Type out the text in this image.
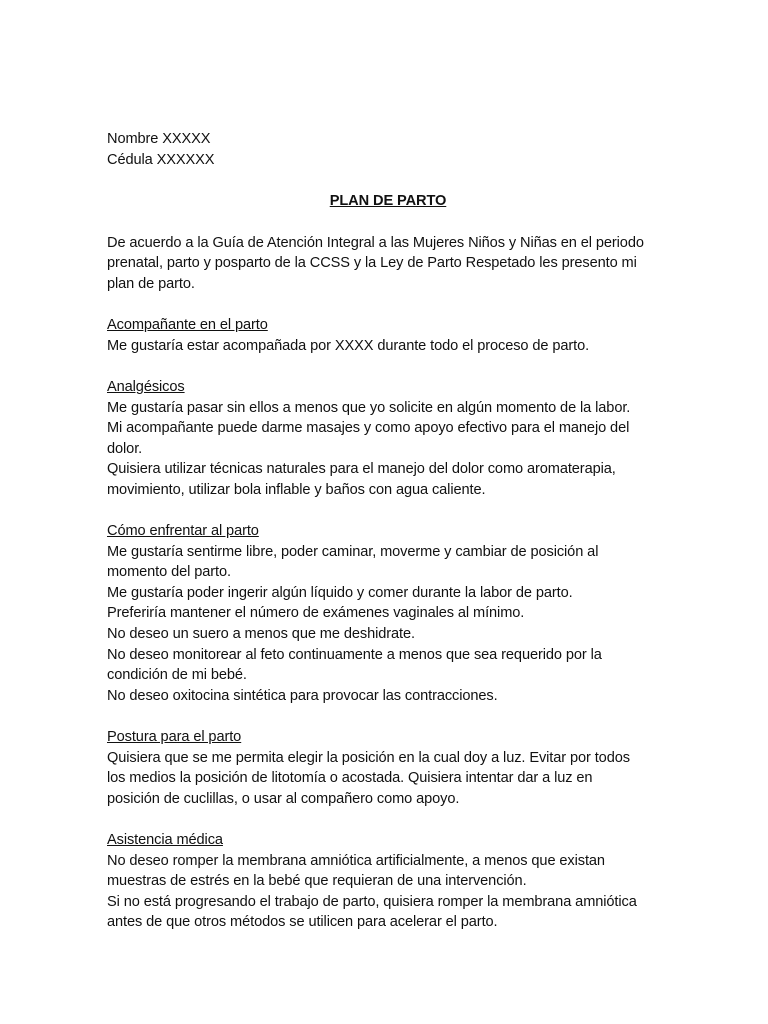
Nombre XXXXX
Cédula XXXXXX
PLAN DE PARTO
De acuerdo a la Guía de Atención Integral a las Mujeres Niños y Niñas en el periodo
prenatal, parto y posparto de la CCSS y la Ley de Parto Respetado les presento mi
plan de parto.
Acompañante en el parto
Me gustaría estar acompañada por XXXX durante todo el proceso de parto.
Analgésicos
Me gustaría pasar sin ellos a menos que yo solicite en algún momento de la labor.
Mi acompañante puede darme masajes y como apoyo efectivo para el manejo del
dolor.
Quisiera utilizar técnicas naturales para el manejo del dolor como aromaterapia,
movimiento, utilizar bola inflable y baños con agua caliente.
Cómo enfrentar al parto
Me gustaría sentirme libre, poder caminar, moverme y cambiar de posición al
momento del parto.
Me gustaría poder ingerir algún líquido y comer durante la labor de parto.
Preferiría mantener el número de exámenes vaginales al mínimo.
No deseo un suero a menos que me deshidrate.
No deseo monitorear al feto continuamente a menos que sea requerido por la
condición de mi bebé.
No deseo oxitocina sintética para provocar las contracciones.
Postura para el parto
Quisiera que se me permita elegir la posición en la cual doy a luz. Evitar por todos
los medios la posición de litotomía o acostada. Quisiera intentar dar a luz en
posición de cuclillas, o usar al compañero como apoyo.
Asistencia médica
No deseo romper la membrana amniótica artificialmente, a menos que existan
muestras de estrés en la bebé que requieran de una intervención.
Si no está progresando el trabajo de parto, quisiera romper la membrana amniótica
antes de que otros métodos se utilicen para acelerar el parto.
